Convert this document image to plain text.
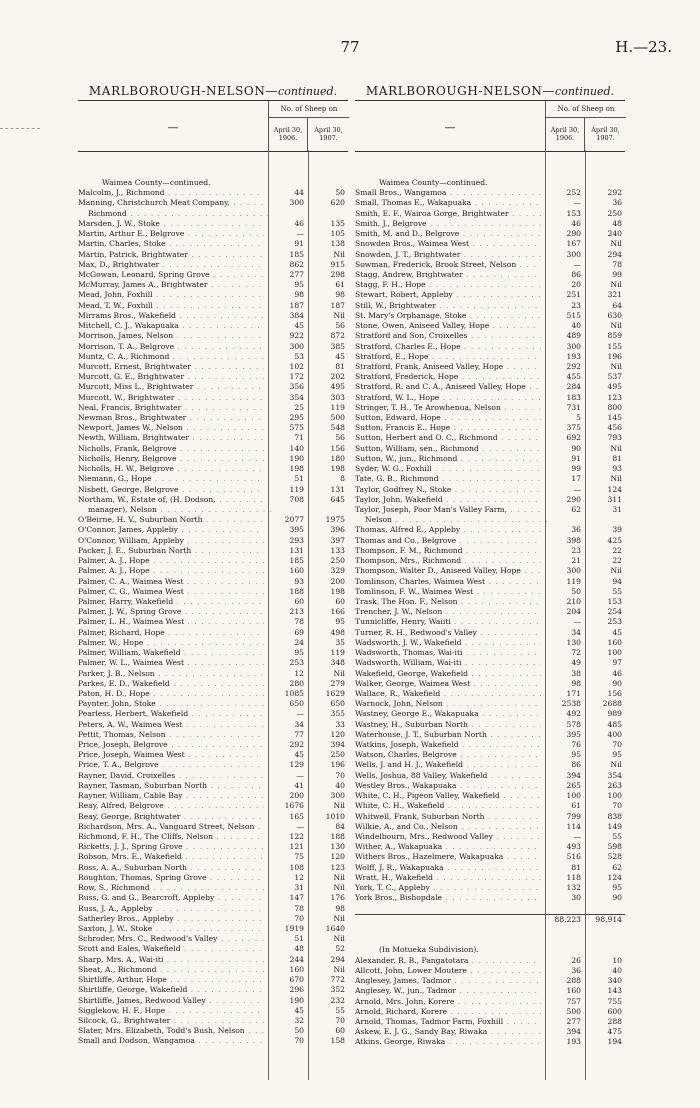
77	H.—23.
MARLBOROUGH-NELSON—continued.
—
No. of Sheep on
April 30,
1906.
April 30,
1907.
Waimea County—continued.
Malcolm, J., Richmond . . .	44	50
Manning, Christchurch Meat Company, . . .	300	620
Richmond . . .
Marsden, J. W., Stoke . . .	46	135
Martin, Arthur E., Belgrove . . .	—	105
Martin, Charles, Stoke . . .	91	138
Martin, Patrick, Brightwater . . .	185	Nil
Max, D., Brightwater . . .	862	915
McGowan, Leonard, Spring Grove . . .	277	298
McMurray, James A., Brightwater . . .	95	61
Mead, John, Foxhill . . .	98	98
Mead, T. W., Foxhill . . .	187	187
Mirrams Bros., Wakefield . . .	384	Nil
Mitchell, C. J., Wakapuaka . . .	45	56
Morrison, James, Nelson . . .	922	872
Morrison, T. A., Belgrove . . .	300	385
Muntz, C. A., Richmond . . .	53	45
Murcott, Ernest, Brightwater . . .	102	81
Murcott, G. E., Brightwater . . .	172	202
Murcott, Miss L., Brightwater . . .	356	495
Murcott, W., Brightwater . . .	354	303
Neal, Francis, Brightwater . . .	25	119
Newman Bros., Brightwater . . .	295	500
Newport, James W., Nelson . . .	575	548
Newth, William, Brightwater . . .	71	56
Nicholls, Frank, Belgrove . . .	140	156
Nicholls, Henry, Belgrove . . .	190	180
Nicholls, H. W., Belgrove . . .	198	198
Niemann, G., Hope . . .	51	8
Nisbett, George, Belgrove . . .	119	131
Northam, W., Estate of, (H. Dodson, . . .	708	645
manager), Nelson . . .
O'Beirne, H. V., Suburban North . . .	2077	1975
O'Connor, James, Appleby . . .	395	396
O'Connor, William, Appleby . . .	293	397
Packer, J. E., Suburban North . . .	131	133
Palmer, A. J., Hope . . .	185	250
Palmer, A. J., Hope . . .	160	329
Palmer, C. A., Waimea West . . .	93	200
Palmer, C. G., Waimea West . . .	188	198
Palmer, Harry, Wakefield . . .	60	60
Palmer, J. W., Spring Grove . . .	213	166
Palmer, L. H., Waimea West . . .	78	95
Palmer, Richard, Hope . . .	69	498
Palmer, W., Hope . . .	24	35
Palmer, William, Wakefield . . .	95	119
Palmer, W. L., Waimea West . . .	253	348
Parker, J. B., Nelson . . .	12	Nil
Parkes, E. D., Wakefield . . .	280	279
Paton, H. D., Hope . . .	1085	1629
Paynter, John, Stoke . . .	650	650
Pearless, Herbert, Wakefield . . .	—	355
Peters, A. W., Waimea West . . .	34	33
Pettit, Thomas, Nelson . . .	77	120
Price, Joseph, Belgrove . . .	292	394
Price, Joseph, Waimea West . . .	45	250
Price, T. A., Belgrove . . .	129	196
Rayner, David, Croixelles . . .	—	70
Rayner, Tasman, Suburban North . . .	41	40
Rayner, William, Cable Bay . . .	200	300
Reay, Alfred, Belgrove . . .	1676	Nil
Reay, George, Brightwater . . .	165	1010
Richardson, Mrs. A., Vanguard Street, Nelson . . .	—	84
Richmond, F. H., The Cliffs, Nelson . . .	122	188
Ricketts, J. J., Spring Grove . . .	121	130
Robson, Mrs. E., Wakefield . . .	75	120
Ross, A. A., Suburban North . . .	108	123
Roughton, Thomas, Spring Grove . . .	12	Nil
Row, S., Richmond . . .	31	Nil
Russ, G. and G., Bearcroft, Appleby . . .	147	176
Russ, J. A., Appleby . . .	78	98
Satherley Bros., Appleby . . .	70	Nil
Saxton, J. W., Stoke . . .	1919	1640
Schroder, Mrs. C., Redwood's Valley . . .	51	Nil
Scott and Eales, Wakefield . . .	48	52
Sharp, Mrs. A., Wai-iti . . .	244	294
Sheat, A., Richmond . . .	160	Nil
Shirtliffe, Arthur, Hope . . .	670	772
Shirtliffe, George, Wakefield . . .	296	352
Shirtliffe, James, Redwood Valley . . .	190	232
Sigglekow, H. F., Hope . . .	45	55
Silcock, G., Brightwater . . .	32	70
Slater, Mrs. Elizabeth, Todd's Bush, Nelson . . .	50	60
Small and Dodson, Wangamoa . . .	70	158
MARLBOROUGH-NELSON—continued.
—
No. of Sheep on
April 30,
1906.
April 30,
1907.
Waimea County—continued.
Small Bros., Wangamoa . . .	252	292
Small, Thomas E., Wakapuaka . . .	—	36
Smith, E. F., Wairoa Gorge, Brightwater . . .	153	250
Smith, J., Belgrove . . .	46	48
Smith, M. and D., Belgrove . . .	290	240
Snowden Bros., Waimea West . . .	167	Nil
Snowden, J. T., Brightwater . . .	300	294
Sowman, Frederick, Brook Street, Nelson . . .	—	78
Stagg, Andrew, Brightwater . . .	86	99
Stagg, F. H., Hope . . .	20	Nil
Stewart, Robert, Appleby . . .	251	321
Still, W., Brightwater . . .	23	64
St. Mary's Orphanage, Stoke . . .	515	630
Stone, Owen, Aniseed Valley, Hope . . .	40	Nil
Stratford and Son, Croixelles . . .	489	859
Stratford, Charles E., Hope . . .	300	155
Stratford, E., Hope . . .	193	196
Stratford, Frank, Aniseed Valley, Hope . . .	292	Nil
Stratford, Frederick, Hope . . .	455	537
Stratford, R. and C. A., Aniseed Valley, Hope . . .	284	495
Stratford, W. L., Hope . . .	183	123
Stringer, T. H., Te Arowhenua, Nelson . . .	731	800
Sutton, Edward, Hope . . .	5	145
Sutton, Francis E., Hope . . .	375	456
Sutton, Herbert and O. C., Richmond . . .	692	793
Sutton, William, sen., Richmond . . .	90	Nil
Sutton, W., jun., Richmond . . .	91	81
Syder, W. G., Foxhill . . .	99	93
Tate, G. B., Richmond . . .	17	Nil
Taylor, Godfrey N., Stoke . . .	—	124
Taylor, John, Wakefield . . .	290	311
Taylor, Joseph, Poor Man's Valley Farm, . . .	62	31
Nelson . . .
Thomas, Alfred E., Appleby . . .	36	39
Thomas and Co., Belgrove . . .	398	425
Thompson, F. M., Richmond . . .	23	22
Thompson, Mrs., Richmond . . .	21	22
Thompson, Walter D., Aniseed Valley, Hope . . .	300	Nil
Tomlinson, Charles, Waimea West . . .	119	94
Tomlinson, F. W., Waimea West . . .	50	55
Trask, The Hon. F., Nelson . . .	210	153
Trencher, J. W., Nelson . . .	204	254
Tunnicliffe, Henry, Waiiti . . .	—	253
Turner, R. H., Redwood's Valley . . .	34	45
Wadsworth, J. W., Wakefield . . .	130	160
Wadsworth, Thomas, Wai-iti . . .	72	100
Wadsworth, William, Wai-iti . . .	49	97
Wakefield, George, Wakefield . . .	38	46
Walker, George, Waimea West . . .	98	90
Wallace, R., Wakefield . . .	171	156
Warnock, John, Nelson . . .	2538	2688
Wastney, George E., Wakapuaka . . .	492	989
Wastney, H., Suburban North . . .	578	485
Waterhouse, J. T., Suburban North . . .	395	400
Watkins, Joseph, Wakefield . . .	76	70
Watson, Charles, Belgrove . . .	95	95
Wells, J. and H. J., Wakefield . . .	86	Nil
Wells, Joshua, 88 Valley, Wakefield . . .	394	354
Westley Bros., Wakapuaka . . .	265	263
White, C. H., Pigeon Valley, Wakefield . . .	100	100
White, C. H., Wakefield . . .	61	70
Whitwell, Frank, Suburban North . . .	799	838
Wilkie, A., and Co., Nelson . . .	114	149
Windelbourn, Mrs., Redwood Valley . . .	—	55
Wither, A., Wakapuaka . . .	493	598
Withers Bros., Hazelmere, Wakapuaka . . .	516	528
Wolff, J. R., Wakapuaka . . .	81	62
Wratt, H., Wakefield . . .	118	124
York, T. C., Appleby . . .	132	95
York Bros., Bishopdale . . .	30	90
88,223	98,914
(In Motueka Subdivision).
Alexander, R. B., Pangatotara . . .	26	10
Allcott, John, Lower Moutere . . .	36	40
Anglesey, James, Tadmor . . .	288	340
Anglesey, W., jun., Tadmor . . .	160	143
Arnold, Mrs. John, Korere . . .	757	755
Arnold, Richard, Korere . . .	500	600
Arnold, Thomas, Tadmor Farm, Foxhill . . .	277	288
Askew, E. J. G., Sandy Bay, Riwaka . . .	394	475
Atkins, George, Riwaka . . .	193	194
